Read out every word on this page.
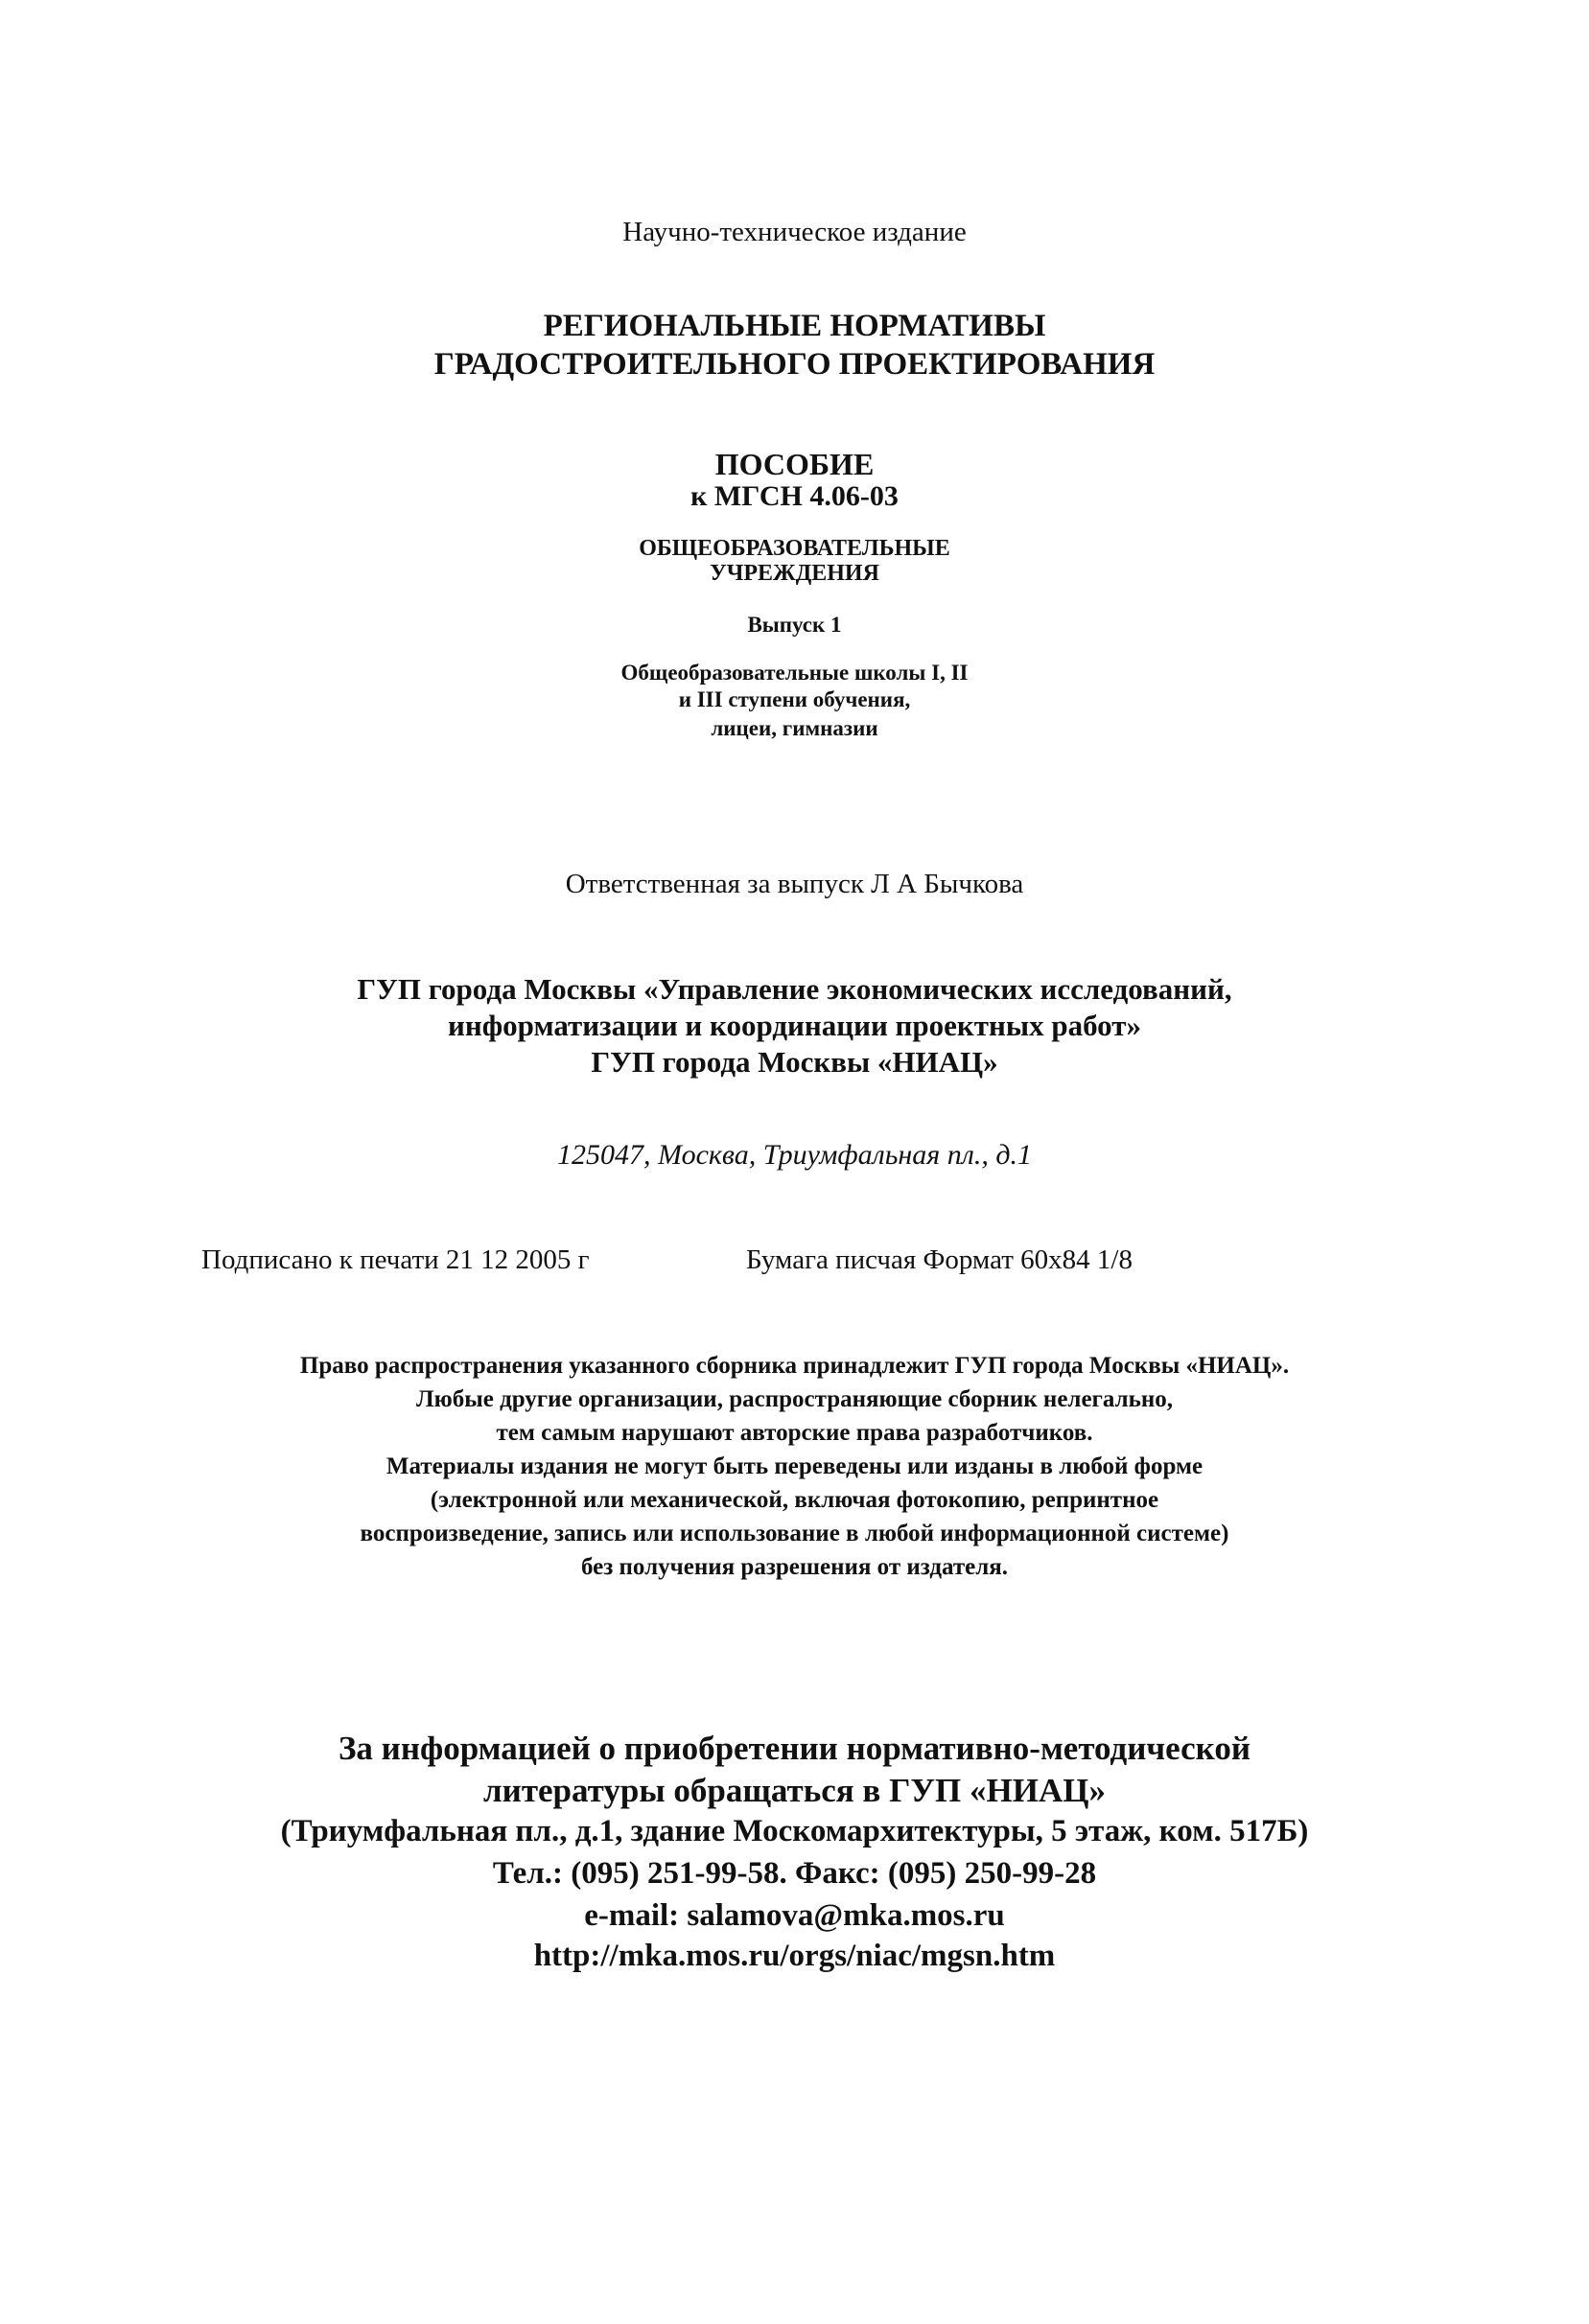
Научно-техническое издание
РЕГИОНАЛЬНЫЕ НОРМАТИВЫ
ГРАДОСТРОИТЕЛЬНОГО ПРОЕКТИРОВАНИЯ
ПОСОБИЕ
к МГСН 4.06-03
ОБЩЕОБРАЗОВАТЕЛЬНЫЕ
УЧРЕЖДЕНИЯ
Выпуск 1
Общеобразовательные школы I, II
и III ступени обучения,
лицеи, гимназии
Ответственная за выпуск Л А Бычкова
ГУП города Москвы «Управление экономических исследований,
информатизации и координации проектных работ»
ГУП города Москвы «НИАЦ»
125047, Москва, Триумфальная пл., д.1
Подписано к печати 21 12 2005 г	Бумага писчая Формат 60х84 1/8
Право распространения указанного сборника принадлежит ГУП города Москвы «НИАЦ».
Любые другие организации, распространяющие сборник нелегально,
тем самым нарушают авторские права разработчиков.
Материалы издания не могут быть переведены или изданы в любой форме
(электронной или механической, включая фотокопию, репринтное
воспроизведение, запись или использование в любой информационной системе)
без получения разрешения от издателя.
За информацией о приобретении нормативно-методической
литературы обращаться в ГУП «НИАЦ»
(Триумфальная пл., д.1, здание Москомархитектуры, 5 этаж, ком. 517Б)
Тел.: (095) 251-99-58. Факс: (095) 250-99-28
e-mail: salamova@mka.mos.ru
http://mka.mos.ru/orgs/niac/mgsn.htm
